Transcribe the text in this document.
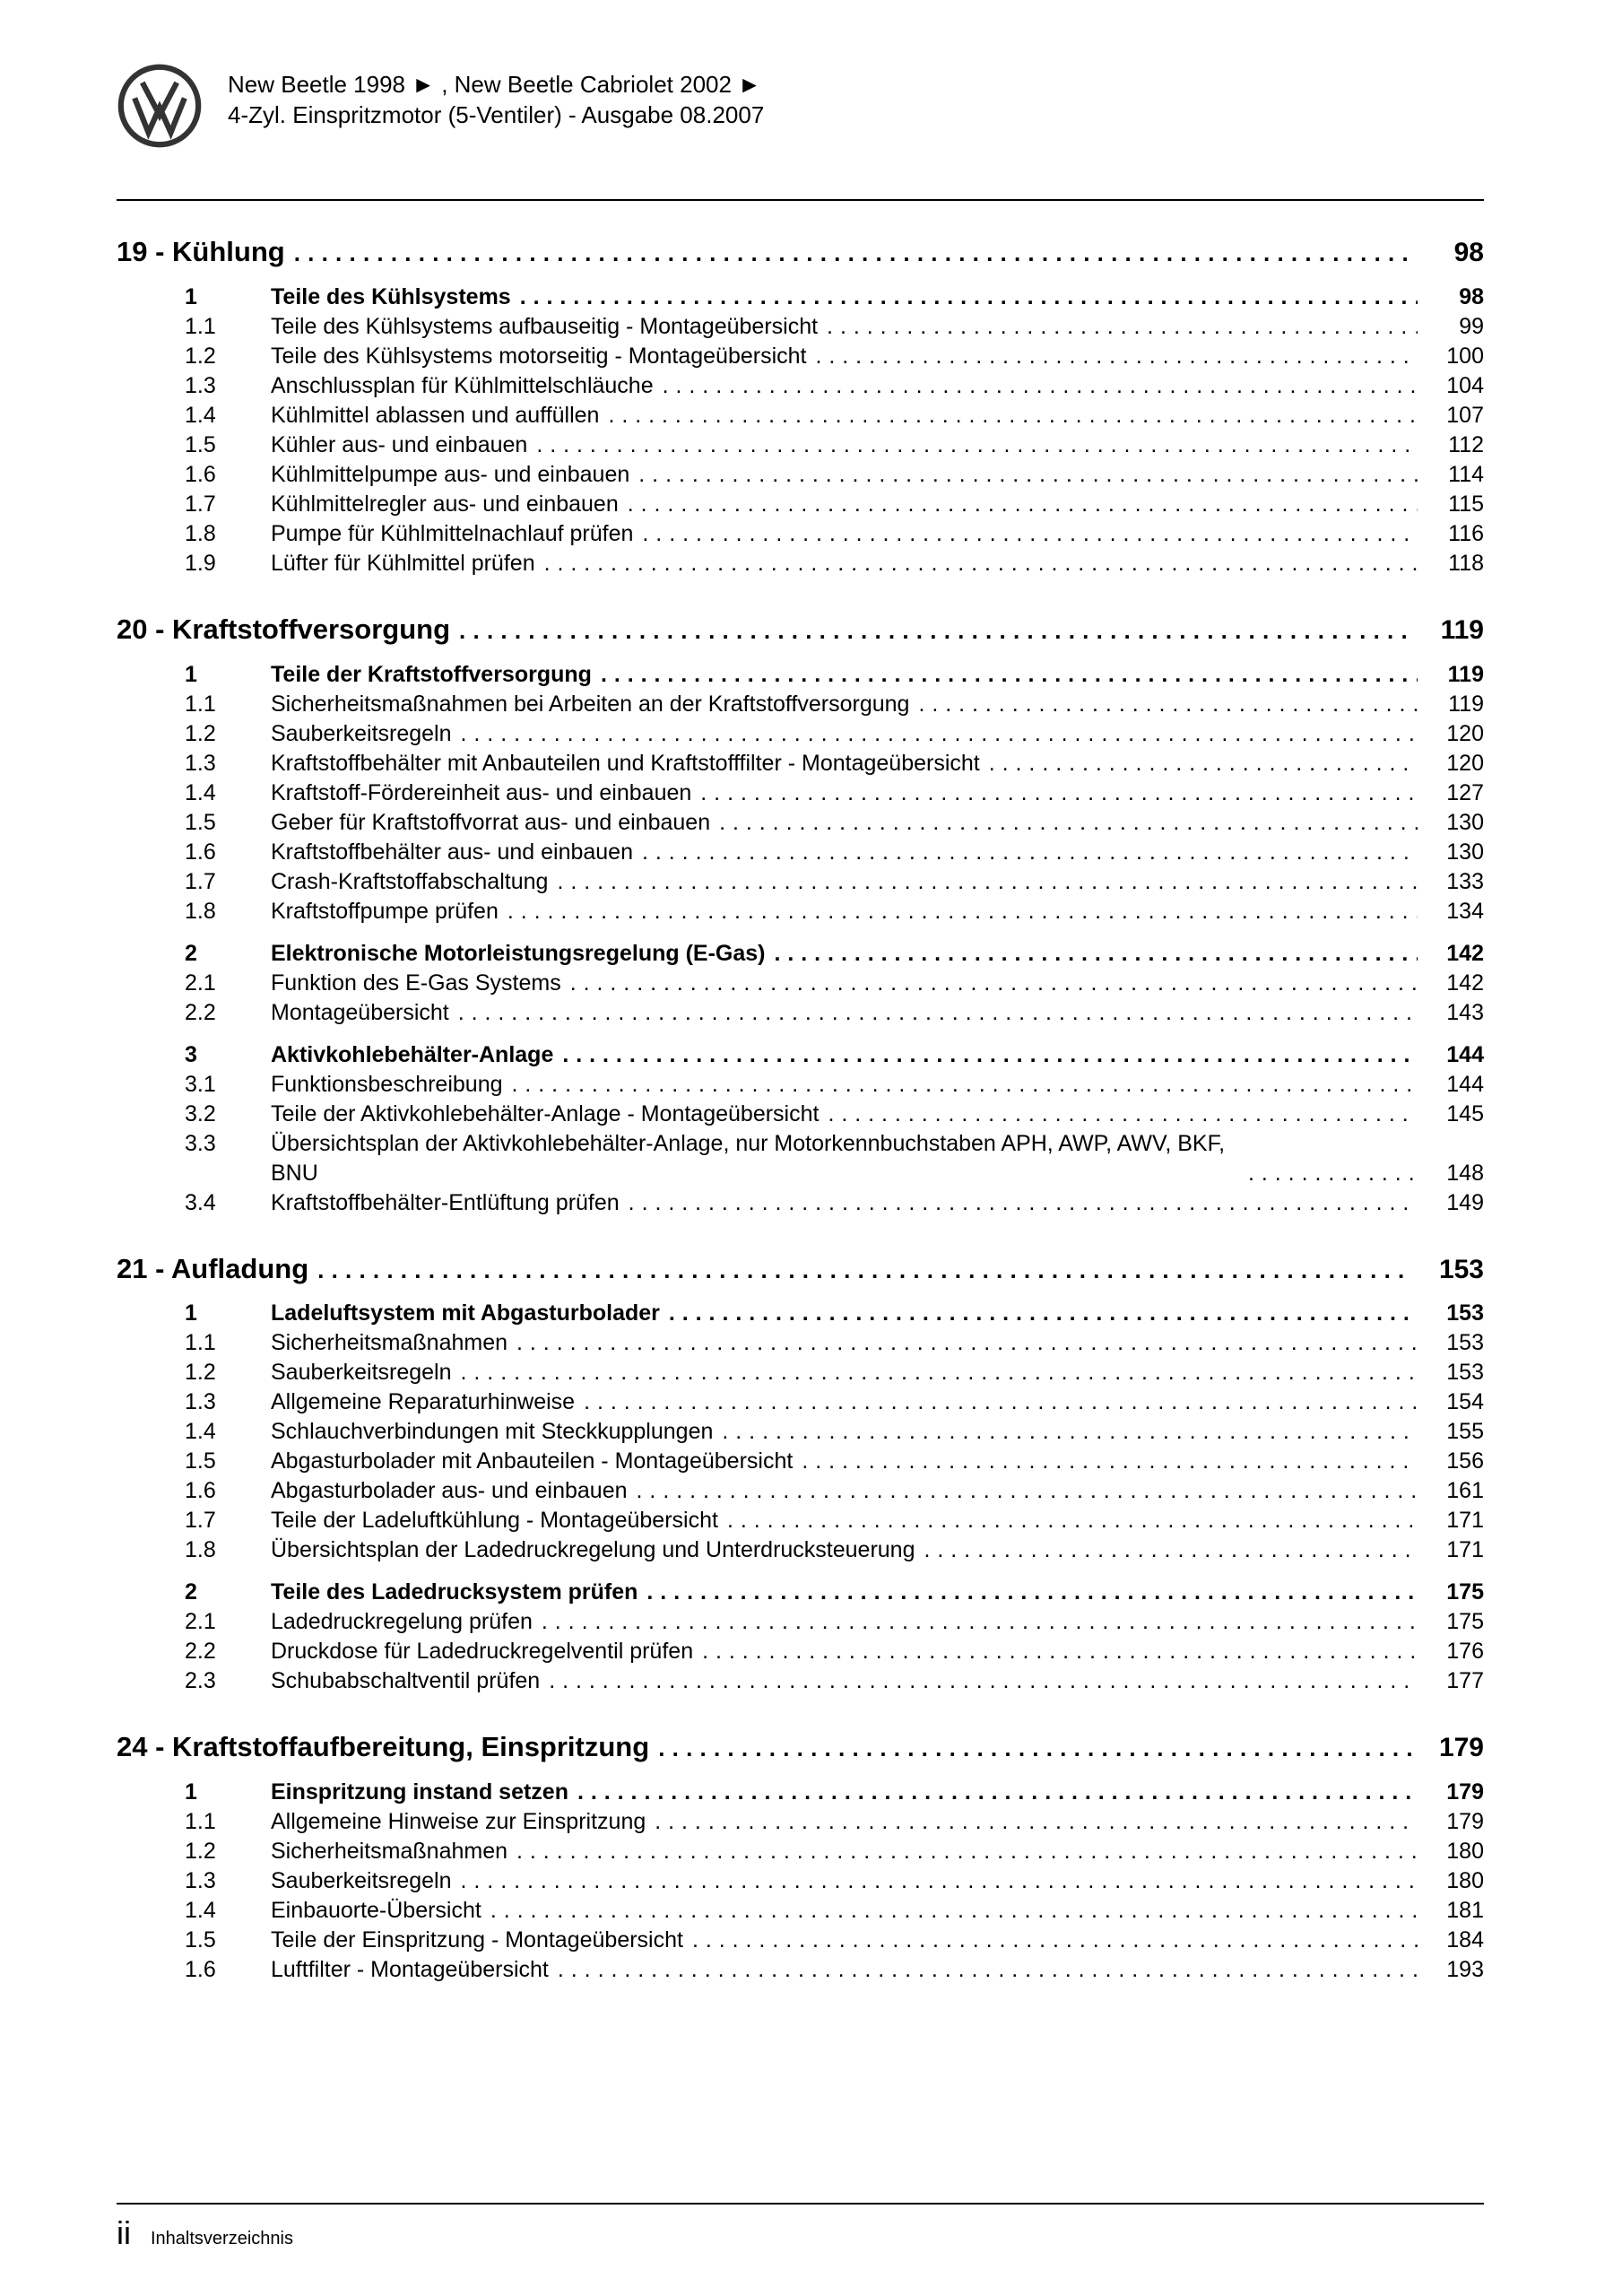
New Beetle 1998 ► , New Beetle Cabriolet 2002 ►
4-Zyl. Einspritzmotor (5-Ventiler) - Ausgabe 08.2007
19 - Kühlung . . .	98
1	Teile des Kühlsystems . . .	98
1.1	Teile des Kühlsystems aufbauseitig - Montageübersicht . . .	99
1.2	Teile des Kühlsystems motorseitig - Montageübersicht . . .	100
1.3	Anschlussplan für Kühlmittelschläuche . . .	104
1.4	Kühlmittel ablassen und auffüllen . . .	107
1.5	Kühler aus- und einbauen . . .	112
1.6	Kühlmittelpumpe aus- und einbauen . . .	114
1.7	Kühlmittelregler aus- und einbauen . . .	115
1.8	Pumpe für Kühlmittelnachlauf prüfen . . .	116
1.9	Lüfter für Kühlmittel prüfen . . .	118
20 - Kraftstoffversorgung . . .	119
1	Teile der Kraftstoffversorgung . . .	119
1.1	Sicherheitsmaßnahmen bei Arbeiten an der Kraftstoffversorgung . . .	119
1.2	Sauberkeitsregeln . . .	120
1.3	Kraftstoffbehälter mit Anbauteilen und Kraftstofffilter - Montageübersicht . . .	120
1.4	Kraftstoff-Fördereinheit aus- und einbauen . . .	127
1.5	Geber für Kraftstoffvorrat aus- und einbauen . . .	130
1.6	Kraftstoffbehälter aus- und einbauen . . .	130
1.7	Crash-Kraftstoffabschaltung . . .	133
1.8	Kraftstoffpumpe prüfen . . .	134
2	Elektronische Motorleistungsregelung (E-Gas) . . .	142
2.1	Funktion des E-Gas Systems . . .	142
2.2	Montageübersicht . . .	143
3	Aktivkohlebehälter-Anlage . . .	144
3.1	Funktionsbeschreibung . . .	144
3.2	Teile der Aktivkohlebehälter-Anlage - Montageübersicht . . .	145
3.3	Übersichtsplan der Aktivkohlebehälter-Anlage, nur Motorkennbuchstaben APH, AWP, AWV, BKF, BNU . . .	148
3.4	Kraftstoffbehälter-Entlüftung prüfen . . .	149
21 - Aufladung . . .	153
1	Ladeluftsystem mit Abgasturbolader . . .	153
1.1	Sicherheitsmaßnahmen . . .	153
1.2	Sauberkeitsregeln . . .	153
1.3	Allgemeine Reparaturhinweise . . .	154
1.4	Schlauchverbindungen mit Steckkupplungen . . .	155
1.5	Abgasturbolader mit Anbauteilen - Montageübersicht . . .	156
1.6	Abgasturbolader aus- und einbauen . . .	161
1.7	Teile der Ladeluftkühlung - Montageübersicht . . .	171
1.8	Übersichtsplan der Ladedruckregelung und Unterdrucksteuerung . . .	171
2	Teile des Ladedrucksystem prüfen . . .	175
2.1	Ladedruckregelung prüfen . . .	175
2.2	Druckdose für Ladedruckregelventil prüfen . . .	176
2.3	Schubabschaltventil prüfen . . .	177
24 - Kraftstoffaufbereitung, Einspritzung . . .	179
1	Einspritzung instand setzen . . .	179
1.1	Allgemeine Hinweise zur Einspritzung . . .	179
1.2	Sicherheitsmaßnahmen . . .	180
1.3	Sauberkeitsregeln . . .	180
1.4	Einbauorte-Übersicht . . .	181
1.5	Teile der Einspritzung - Montageübersicht . . .	184
1.6	Luftfilter - Montageübersicht . . .	193
ii Inhaltsverzeichnis
